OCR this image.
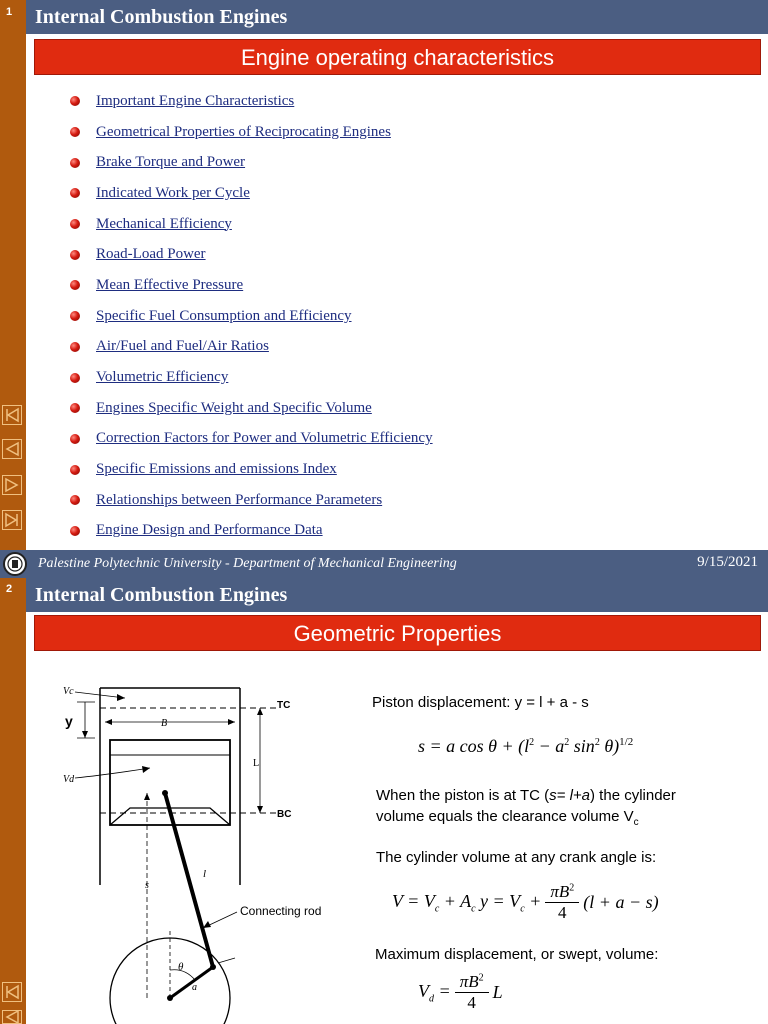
1	Internal Combustion Engines
Engine operating characteristics
Important Engine Characteristics
Geometrical Properties of Reciprocating Engines
Brake Torque and Power
Indicated Work per Cycle
Mechanical Efficiency
Road-Load Power
Mean Effective Pressure
Specific Fuel Consumption and Efficiency
Air/Fuel and Fuel/Air Ratios
Volumetric Efficiency
Engines Specific Weight and Specific Volume
Correction Factors for Power and Volumetric Efficiency
Specific Emissions and emissions Index
Relationships between Performance Parameters
Engine Design and Performance Data
Palestine Polytechnic University - Department of Mechanical Engineering	9/15/2021
2	Internal Combustion Engines
Geometric Properties
Vc
y	B
TC
BC
L
Vd
l
s
θ
a
Connecting rod
Piston displacement: y = l + a - s
s = a $\cos \theta + (l^2 - a^2$ $\sin^2 \theta)^{1/2}$
When the piston is at TC (s= l+a) the cylinder
volume equals the clearance volume $V_c$
The cylinder volume at any crank angle is:
$V = V_c + A_c$ $y = V_c + \frac{\pi B^2}{4} (l + a - s)$
Maximum displacement, or swept, volume:
$V_d = \frac{\pi B^2}{4}$ L
